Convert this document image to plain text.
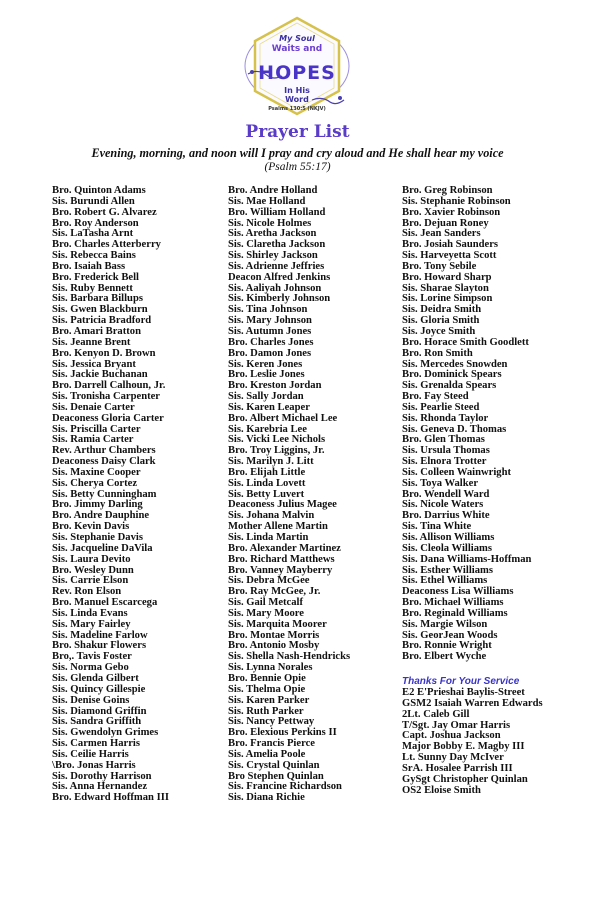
My Soul
Waits and
HOPES
In His
Word
Psalms 130:5 (NKJV)
Prayer List
Evening, morning, and noon will I pray and cry aloud and He shall hear my voice
(Psalm 55:17)
Bro. Quinton Adams
Sis. Burundi Allen
Bro. Robert G. Alvarez
Bro. Roy Anderson
Sis. LaTasha Arnt
Bro. Charles Atterberry
Sis. Rebecca Bains
Bro. Isaiah Bass
Bro. Frederick Bell
Sis. Ruby Bennett
Sis. Barbara Billups
Sis. Gwen Blackburn
Sis. Patricia Bradford
Bro. Amari Bratton
Sis. Jeanne Brent
Bro. Kenyon D. Brown
Sis. Jessica Bryant
Sis. Jackie Buchanan
Bro. Darrell Calhoun, Jr.
Sis. Tronisha Carpenter
Sis. Denaie Carter
Deaconess Gloria Carter
Sis. Priscilla Carter
Sis. Ramia Carter
Rev. Arthur Chambers
Deaconess Daisy Clark
Sis. Maxine Cooper
Sis. Cherya Cortez
Sis. Betty Cunningham
Bro. Jimmy Darling
Bro. Andre Dauphine
Bro. Kevin Davis
Sis. Stephanie Davis
Sis. Jacqueline DaVila
Sis. Laura Devito
Bro. Wesley Dunn
Sis. Carrie Elson
Rev. Ron Elson
Bro. Manuel Escarcega
Sis. Linda Evans
Sis. Mary Fairley
Sis. Madeline Farlow
Bro. Shakur Flowers
Bro,. Tavis Foster
Sis. Norma Gebo
Sis. Glenda Gilbert
Sis. Quincy Gillespie
Sis. Denise Goins
Sis. Diamond Griffin
Sis. Sandra Griffith
Sis. Gwendolyn Grimes
Sis. Carmen Harris
Sis. Ceilie Harris
\Bro. Jonas Harris
Sis. Dorothy Harrison
Sis. Anna Hernandez
Bro. Edward Hoffman III
Bro. Andre Holland
Sis. Mae Holland
Bro. William Holland
Sis. Nicole Holmes
Sis. Aretha Jackson
Sis. Claretha Jackson
Sis. Shirley Jackson
Sis. Adrienne Jeffries
Deacon Alfred Jenkins
Sis. Aaliyah Johnson
Sis. Kimberly Johnson
Sis. Tina Johnson
Sis. Mary Johnson
Sis. Autumn Jones
Bro. Charles Jones
Bro. Damon Jones
Sis. Keren Jones
Bro. Leslie Jones
Bro. Kreston Jordan
Sis. Sally Jordan
Sis. Karen Leaper
Bro. Albert Michael Lee
Sis. Karebria Lee
Sis. Vicki Lee Nichols
Bro. Troy Liggins, Jr.
Sis. Marilyn J. Litt
Bro. Elijah Little
Sis. Linda Lovett
Sis. Betty Luvert
Deaconess Julius Magee
Sis. Johana Malvin
Mother Allene Martin
Sis. Linda Martin
Bro. Alexander Martinez
Bro. Richard Matthews
Bro. Vanney Mayberry
Sis. Debra McGee
Bro. Ray McGee, Jr.
Sis. Gail Metcalf
Sis. Mary Moore
Sis. Marquita Moorer
Bro. Montae Morris
Bro. Antonio Mosby
Sis. Shella Nash-Hendricks
Sis. Lynna Norales
Bro. Bennie Opie
Sis. Thelma Opie
Sis. Karen Parker
Sis. Ruth Parker
Sis. Nancy Pettway
Bro. Elexious Perkins II
Bro. Francis Pierce
Sis. Amelia Poole
Sis. Crystal Quinlan
Bro Stephen Quinlan
Sis. Francine Richardson
Sis. Diana Richie
Bro. Greg Robinson
Sis. Stephanie Robinson
Bro. Xavier Robinson
Bro. Dejuan Roney
Sis. Jean Sanders
Bro. Josiah Saunders
Sis. Harveyetta Scott
Bro. Tony Sebile
Bro. Howard Sharp
Sis. Sharae Slayton
Sis. Lorine Simpson
Sis. Deidra Smith
Sis. Gloria Smith
Sis. Joyce Smith
Bro. Horace Smith Goodlett
Bro. Ron Smith
Sis. Mercedes Snowden
Bro. Dominick Spears
Sis. Grenalda Spears
Bro. Fay Steed
Sis. Pearlie Steed
Sis. Rhonda Taylor
Sis. Geneva D. Thomas
Bro. Glen Thomas
Sis. Ursula Thomas
Sis. Elnora Trotter
Sis. Colleen Wainwright
Sis. Toya Walker
Bro. Wendell Ward
Sis. Nicole Waters
Bro. Darrius White
Sis. Tina White
Sis. Allison Williams
Sis. Cleola Williams
Sis. Dana Williams-Hoffman
Sis. Esther Williams
Sis. Ethel Williams
Deaconess Lisa Williams
Bro. Michael Williams
Bro. Reginald Williams
Sis. Margie Wilson
Sis. GeorJean Woods
Bro. Ronnie Wright
Bro. Elbert Wyche
Thanks For Your Service
E2 E'Prieshai Baylis-Street
GSM2 Isaiah Warren Edwards
2Lt. Caleb Gill
T/Sgt. Jay Omar Harris
Capt. Joshua Jackson
Major Bobby E. Magby III
Lt. Sunny Day McIver
SrA. Hosalee Parrish III
GySgt Christopher Quinlan
OS2 Eloise Smith
